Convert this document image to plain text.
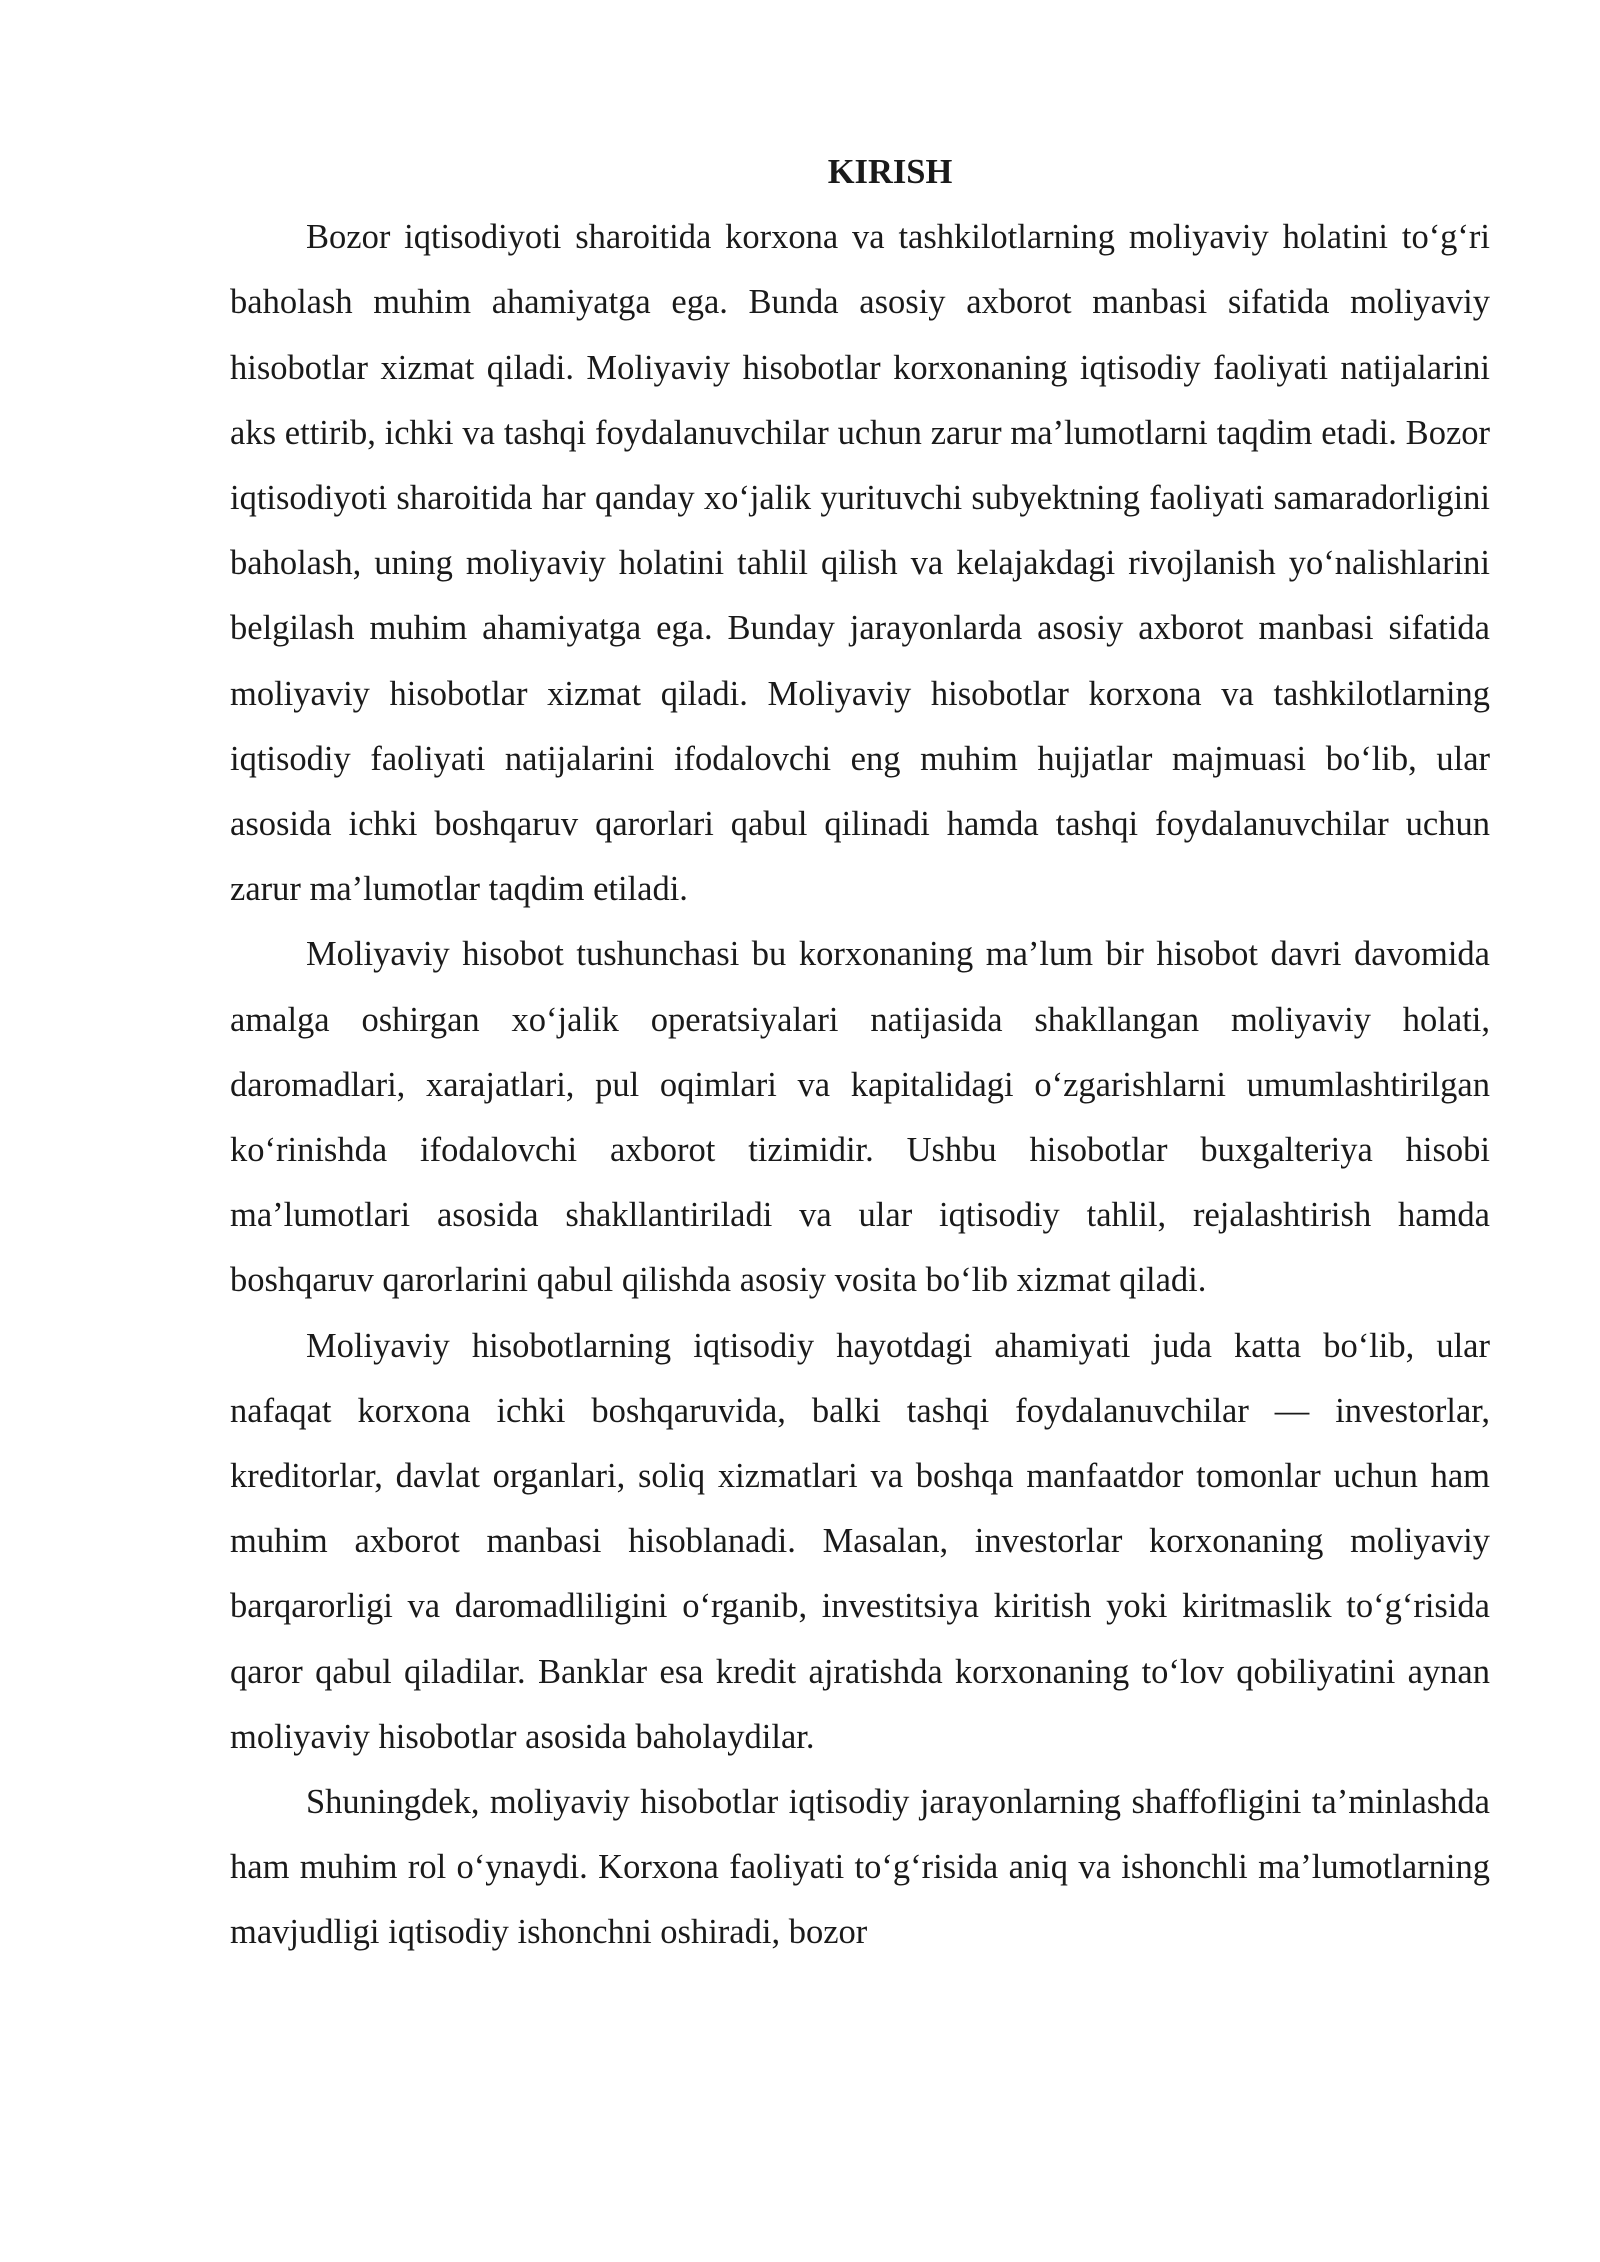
KIRISH

Bozor iqtisodiyoti sharoitida korxona va tashkilotlarning moliyaviy holatini to‘g‘ri baholash muhim ahamiyatga ega. Bunda asosiy axborot manbasi sifatida moliyaviy hisobotlar xizmat qiladi. Moliyaviy hisobotlar korxonaning iqtisodiy faoliyati natijalarini aks ettirib, ichki va tashqi foydalanuvchilar uchun zarur ma’lumotlarni taqdim etadi. Bozor iqtisodiyoti sharoitida har qanday xo‘jalik yurituvchi subyektning faoliyati samaradorligini baholash, uning moliyaviy holatini tahlil qilish va kelajakdagi rivojlanish yo‘nalishlarini belgilash muhim ahamiyatga ega. Bunday jarayonlarda asosiy axborot manbasi sifatida moliyaviy hisobotlar xizmat qiladi. Moliyaviy hisobotlar korxona va tashkilotlarning iqtisodiy faoliyati natijalarini ifodalovchi eng muhim hujjatlar majmuasi bo‘lib, ular asosida ichki boshqaruv qarorlari qabul qilinadi hamda tashqi foydalanuvchilar uchun zarur ma’lumotlar taqdim etiladi.

Moliyaviy hisobot tushunchasi bu korxonaning ma’lum bir hisobot davri davomida amalga oshirgan xo‘jalik operatsiyalari natijasida shakllangan moliyaviy holati, daromadlari, xarajatlari, pul oqimlari va kapitalidagi o‘zgarishlarni umumlashtirilgan ko‘rinishda ifodalovchi axborot tizimidir. Ushbu hisobotlar buxgalteriya hisobi ma’lumotlari asosida shakllantiriladi va ular iqtisodiy tahlil, rejalashtirish hamda boshqaruv qarorlarini qabul qilishda asosiy vosita bo‘lib xizmat qiladi.

Moliyaviy hisobotlarning iqtisodiy hayotdagi ahamiyati juda katta bo‘lib, ular nafaqat korxona ichki boshqaruvida, balki tashqi foydalanuvchilar — investorlar, kreditorlar, davlat organlari, soliq xizmatlari va boshqa manfaatdor tomonlar uchun ham muhim axborot manbasi hisoblanadi. Masalan, investorlar korxonaning moliyaviy barqarorligi va daromadliligini o‘rganib, investitsiya kiritish yoki kiritmaslik to‘g‘risida qaror qabul qiladilar. Banklar esa kredit ajratishda korxonaning to‘lov qobiliyatini aynan moliyaviy hisobotlar asosida baholaydilar.

Shuningdek, moliyaviy hisobotlar iqtisodiy jarayonlarning shaffofligini ta’minlashda ham muhim rol o‘ynaydi. Korxona faoliyati to‘g‘risida aniq va ishonchli ma’lumotlarning mavjudligi iqtisodiy ishonchni oshiradi, bozor
